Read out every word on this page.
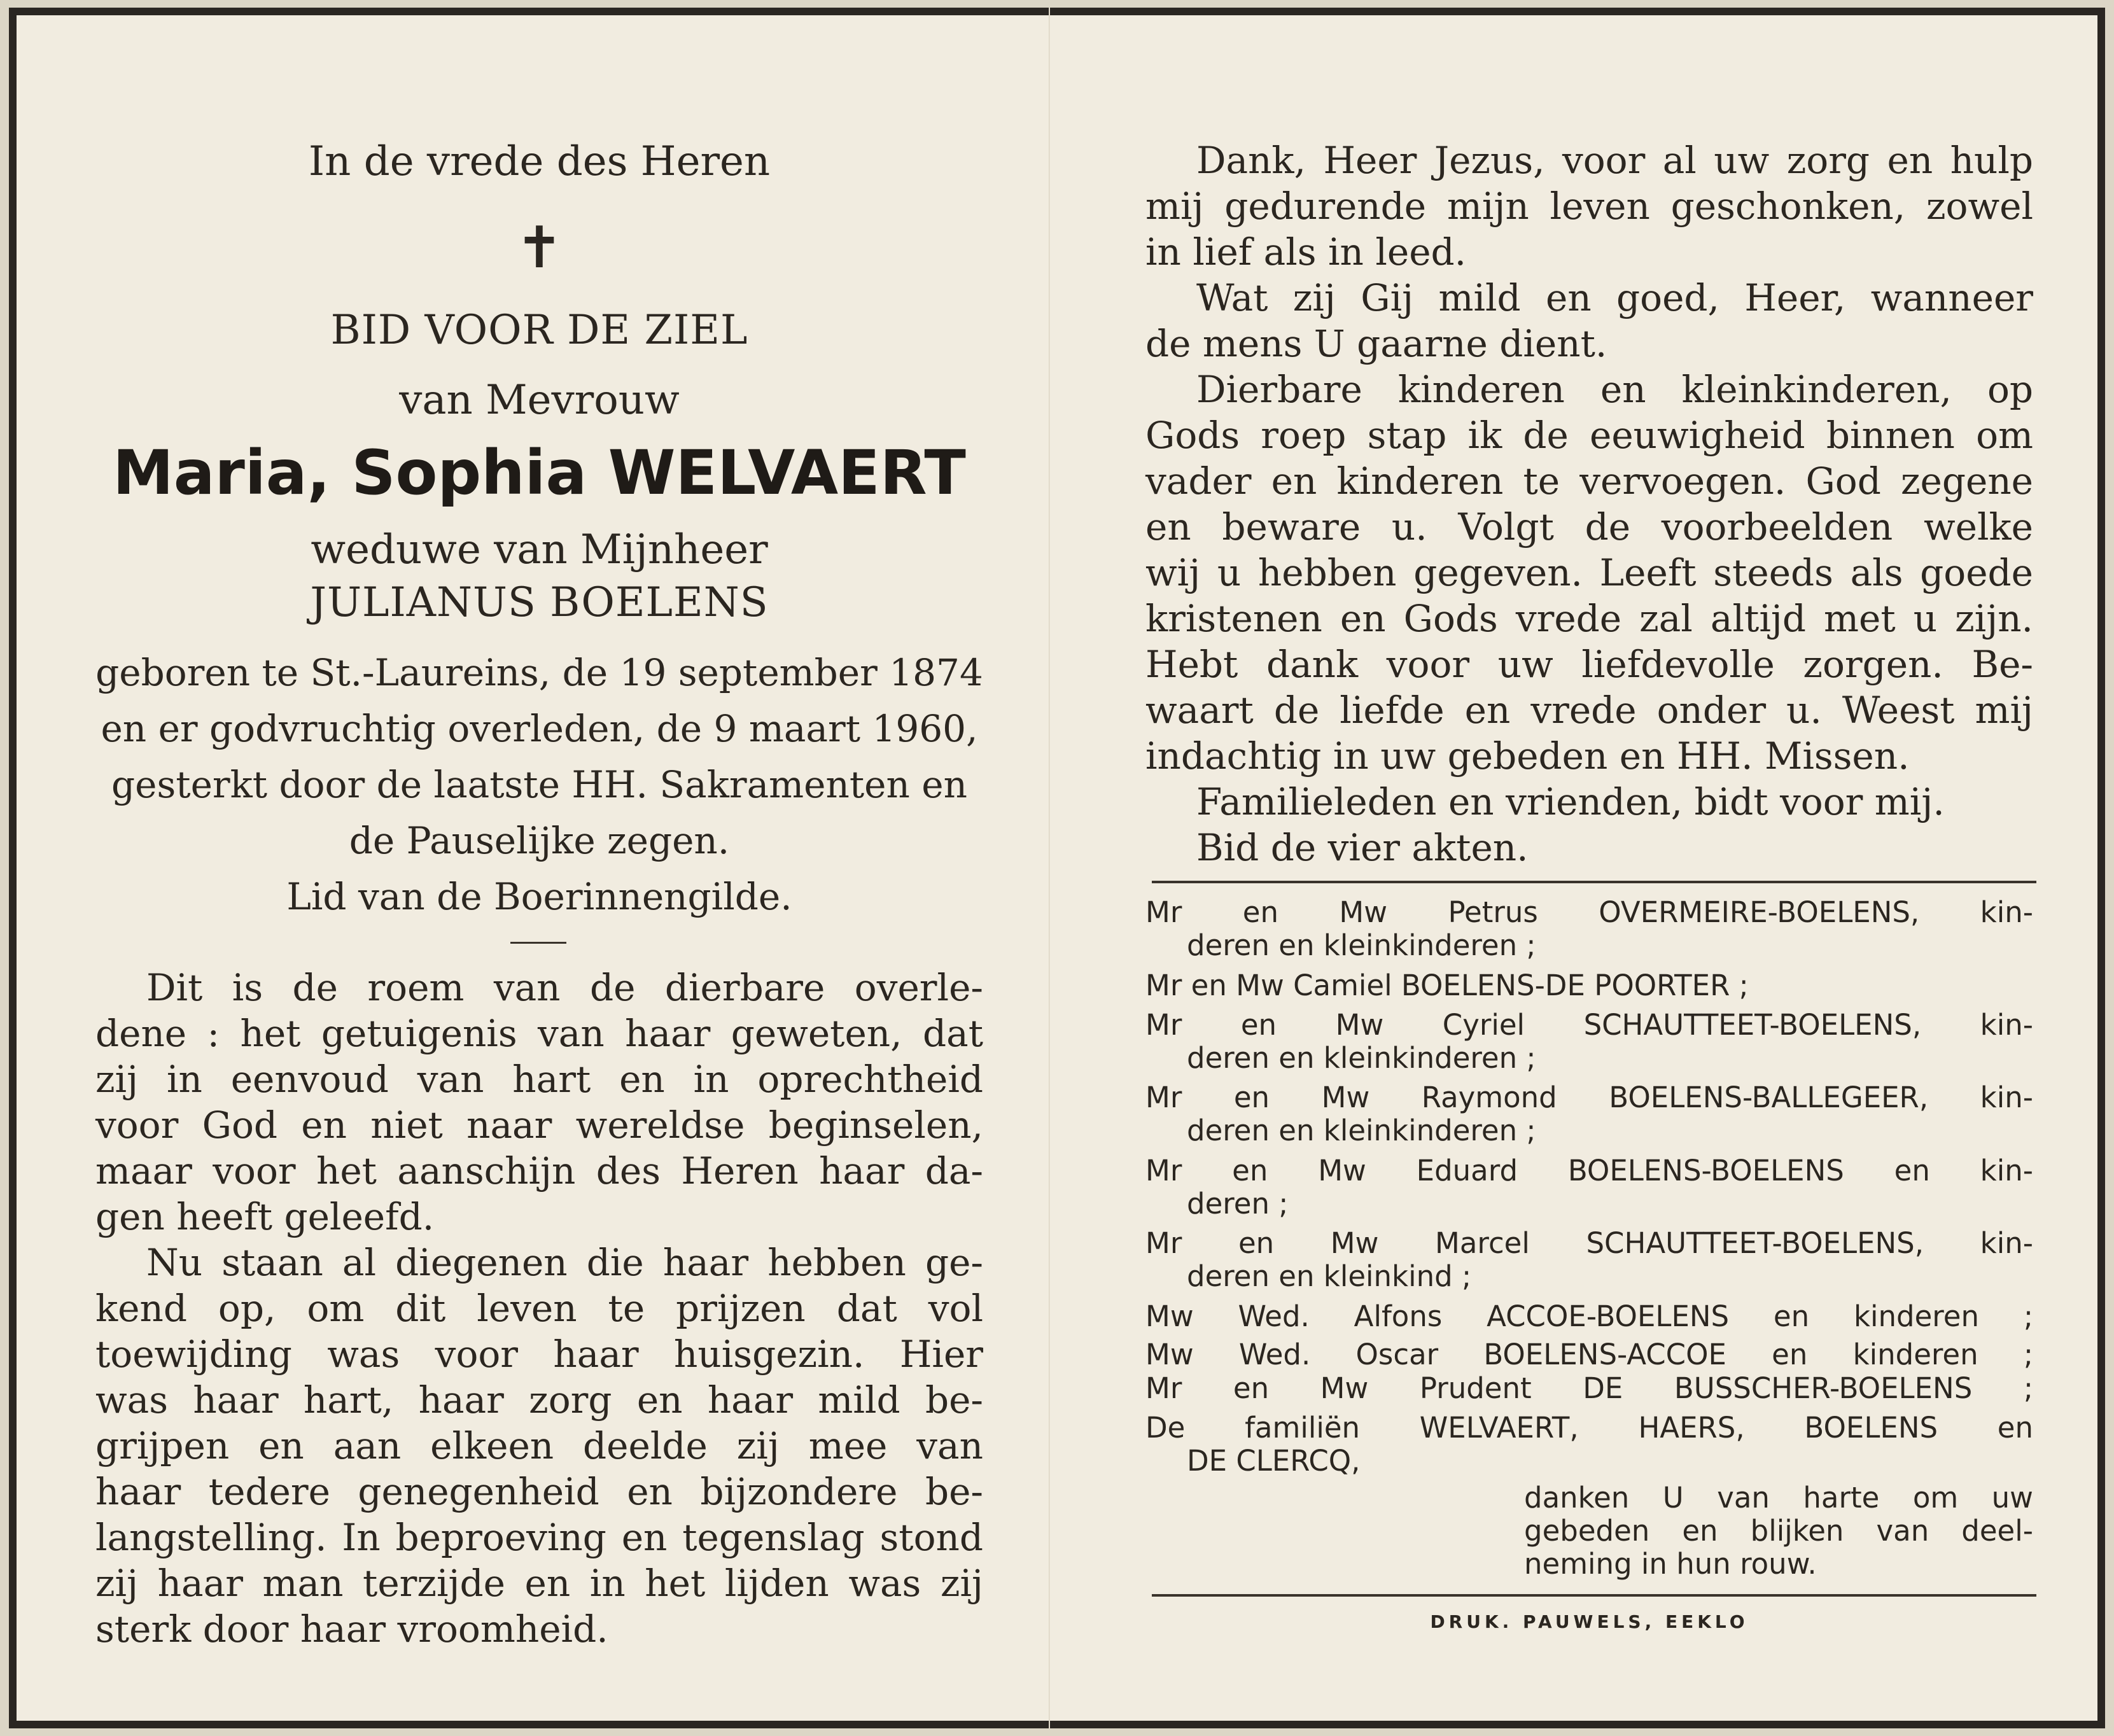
In de vrede des Heren
✝
BID VOOR DE ZIEL
van Mevrouw
Maria, Sophia WELVAERT
weduwe van Mijnheer
JULIANUS BOELENS
geboren te St.-Laureins, de 19 september 1874
en er godvruchtig overleden, de 9 maart 1960,
gesterkt door de laatste HH. Sakramenten en
de Pauselijke zegen.
Lid van de Boerinnengilde.
Dit is de roem van de dierbare overle-
dene : het getuigenis van haar geweten, dat
zij in eenvoud van hart en in oprechtheid
voor God en niet naar wereldse beginselen,
maar voor het aanschijn des Heren haar da-
gen heeft geleefd.
Nu staan al diegenen die haar hebben ge-
kend op, om dit leven te prijzen dat vol
toewijding was voor haar huisgezin. Hier
was haar hart, haar zorg en haar mild be-
grijpen en aan elkeen deelde zij mee van
haar tedere genegenheid en bijzondere be-
langstelling. In beproeving en tegenslag stond
zij haar man terzijde en in het lijden was zij
sterk door haar vroomheid.
Dank, Heer Jezus, voor al uw zorg en hulp
mij gedurende mijn leven geschonken, zowel
in lief als in leed.
Wat zij Gij mild en goed, Heer, wanneer
de mens U gaarne dient.
Dierbare kinderen en kleinkinderen, op
Gods roep stap ik de eeuwigheid binnen om
vader en kinderen te vervoegen. God zegene
en beware u. Volgt de voorbeelden welke
wij u hebben gegeven. Leeft steeds als goede
kristenen en Gods vrede zal altijd met u zijn.
Hebt dank voor uw liefdevolle zorgen. Be-
waart de liefde en vrede onder u. Weest mij
indachtig in uw gebeden en HH. Missen.
Familieleden en vrienden, bidt voor mij.
Bid de vier akten.
Mr en Mw Petrus OVERMEIRE-BOELENS, kin-
deren en kleinkinderen ;
Mr en Mw Camiel BOELENS-DE POORTER ;
Mr en Mw Cyriel SCHAUTTEET-BOELENS, kin-
deren en kleinkinderen ;
Mr en Mw Raymond BOELENS-BALLEGEER, kin-
deren en kleinkinderen ;
Mr en Mw Eduard BOELENS-BOELENS en kin-
deren ;
Mr en Mw Marcel SCHAUTTEET-BOELENS, kin-
deren en kleinkind ;
Mw Wed. Alfons ACCOE-BOELENS en kinderen ;
Mw Wed. Oscar BOELENS-ACCOE en kinderen ;
Mr en Mw Prudent DE BUSSCHER-BOELENS ;
De familiën WELVAERT, HAERS, BOELENS en
DE CLERCQ,
danken U van harte om uw
gebeden en blijken van deel-
neming in hun rouw.
DRUK. PAUWELS, EEKLO
